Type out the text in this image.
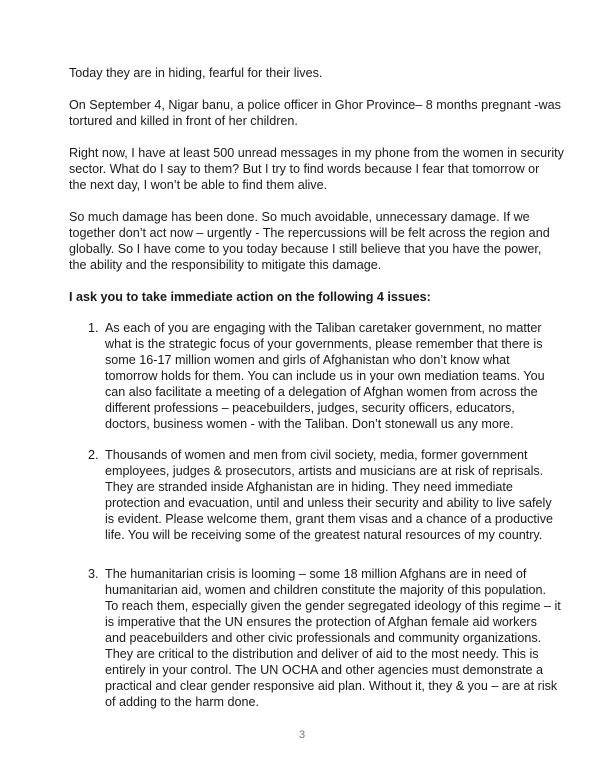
Today they are in hiding, fearful for their lives.
On September 4, Nigar banu, a police officer in Ghor Province– 8 months pregnant -was
tortured and killed in front of her children.
Right now, I have at least 500 unread messages in my phone from the women in security
sector. What do I say to them? But I try to find words because I fear that tomorrow or
the next day, I won’t be able to find them alive.
So much damage has been done. So much avoidable, unnecessary damage. If we
together don’t act now – urgently - The repercussions will be felt across the region and
globally. So I have come to you today because I still believe that you have the power,
the ability and the responsibility to mitigate this damage.
I ask you to take immediate action on the following 4 issues:
1. As each of you are engaging with the Taliban caretaker government, no matter
what is the strategic focus of your governments, please remember that there is
some 16-17 million women and girls of Afghanistan who don’t know what
tomorrow holds for them. You can include us in your own mediation teams. You
can also facilitate a meeting of a delegation of Afghan women from across the
different professions – peacebuilders, judges, security officers, educators,
doctors, business women - with the Taliban. Don’t stonewall us any more.
2. Thousands of women and men from civil society, media, former government
employees, judges & prosecutors, artists and musicians are at risk of reprisals.
They are stranded inside Afghanistan are in hiding. They need immediate
protection and evacuation, until and unless their security and ability to live safely
is evident. Please welcome them, grant them visas and a chance of a productive
life. You will be receiving some of the greatest natural resources of my country.
3. The humanitarian crisis is looming – some 18 million Afghans are in need of
humanitarian aid, women and children constitute the majority of this population.
To reach them, especially given the gender segregated ideology of this regime – it
is imperative that the UN ensures the protection of Afghan female aid workers
and peacebuilders and other civic professionals and community organizations.
They are critical to the distribution and deliver of aid to the most needy. This is
entirely in your control. The UN OCHA and other agencies must demonstrate a
practical and clear gender responsive aid plan. Without it, they & you – are at risk
of adding to the harm done.
3
